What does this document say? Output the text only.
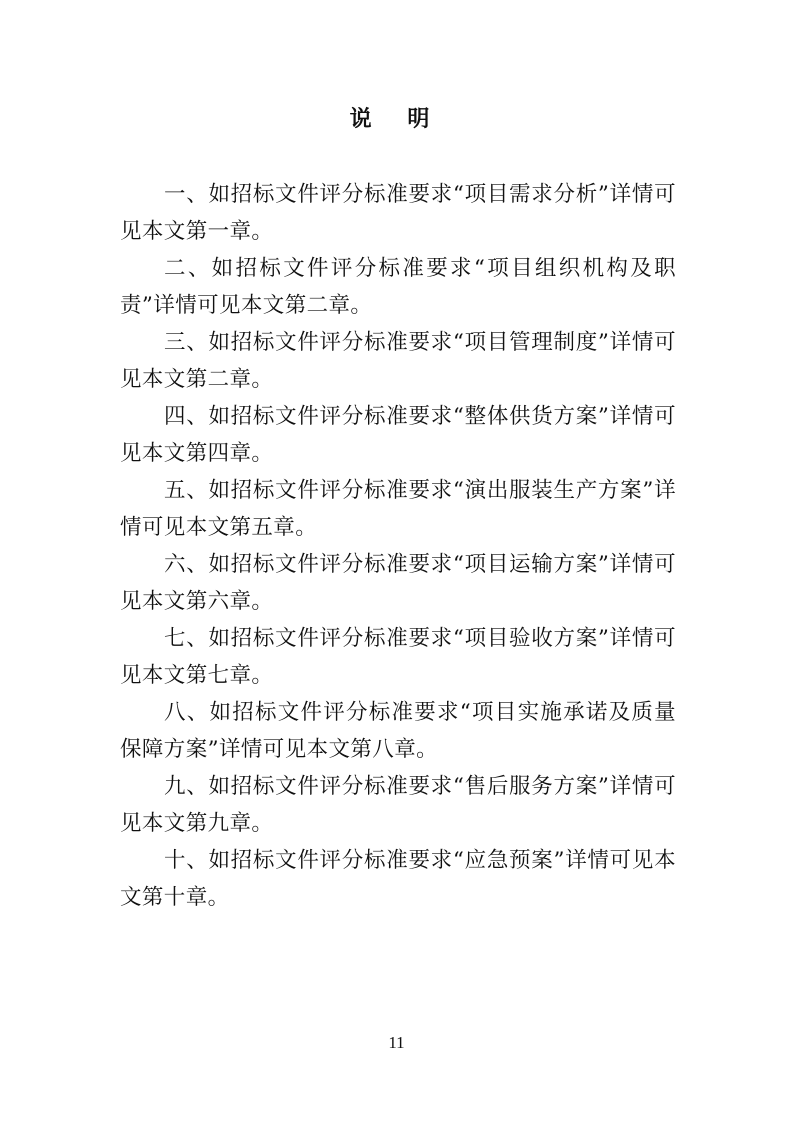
说 明

一、如招标文件评分标准要求“项目需求分析”详情可见本文第一章。

二、如招标文件评分标准要求“项目组织机构及职责”详情可见本文第二章。

三、如招标文件评分标准要求“项目管理制度”详情可见本文第二章。

四、如招标文件评分标准要求“整体供货方案”详情可见本文第四章。

五、如招标文件评分标准要求“演出服装生产方案”详情可见本文第五章。

六、如招标文件评分标准要求“项目运输方案”详情可见本文第六章。

七、如招标文件评分标准要求“项目验收方案”详情可见本文第七章。

八、如招标文件评分标准要求“项目实施承诺及质量保障方案”详情可见本文第八章。

九、如招标文件评分标准要求“售后服务方案”详情可见本文第九章。

十、如招标文件评分标准要求“应急预案”详情可见本文第十章。

11
